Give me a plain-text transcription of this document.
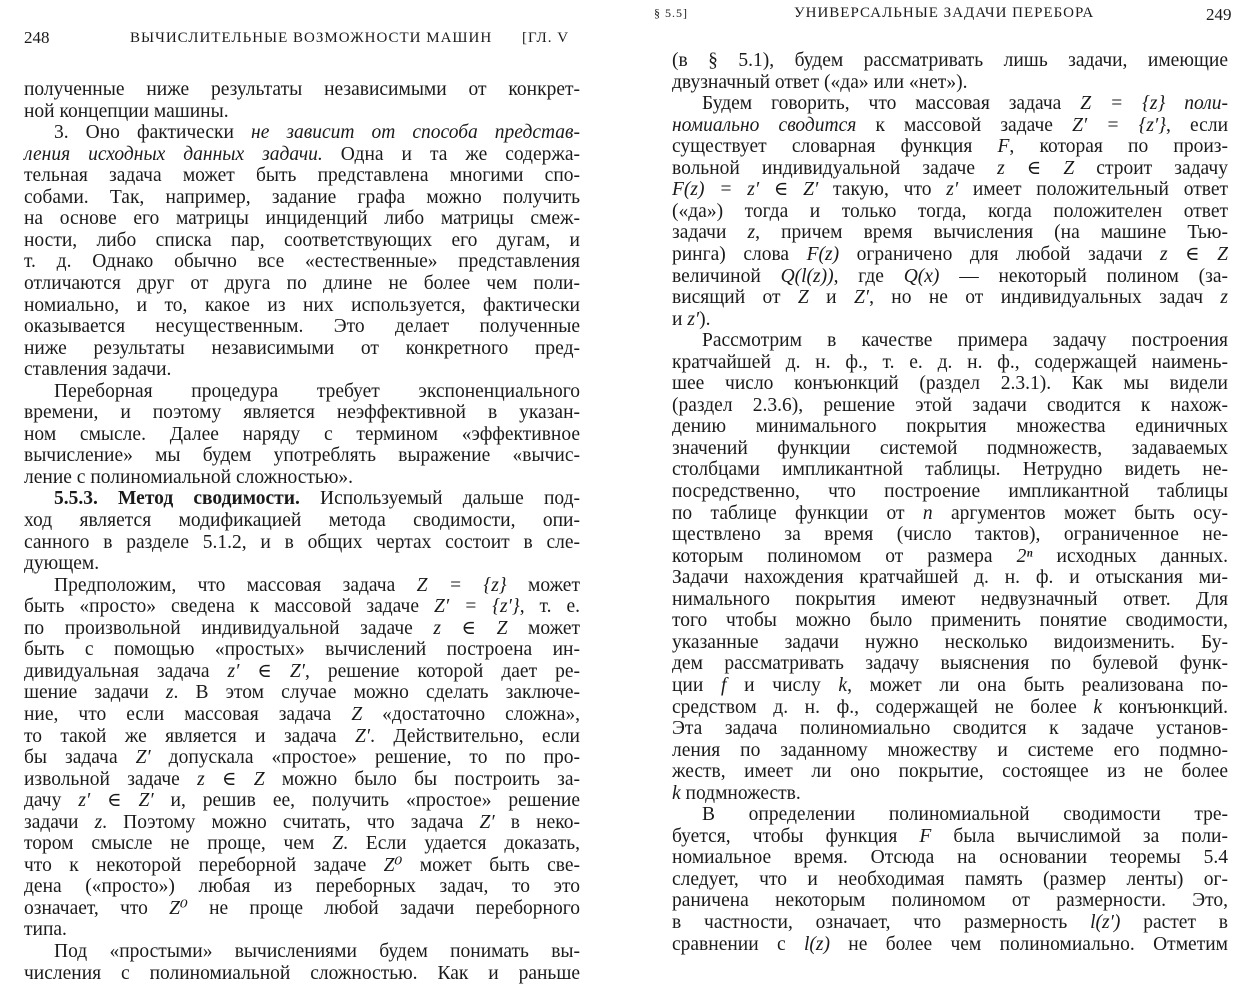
248	ВЫЧИСЛИТЕЛЬНЫЕ ВОЗМОЖНОСТИ МАШИН [ГЛ. V
полученные ниже результаты независимыми от конкрет-
ной концепции машины.
3. Оно фактически не зависит от способа представ-
ления исходных данных задачи. Одна и та же содержа-
тельная задача может быть представлена многими спо-
собами. Так, например, задание графа можно получить
на основе его матрицы инциденций либо матрицы смеж-
ности, либо списка пар, соответствующих его дугам, и
т. д. Однако обычно все «естественные» представления
отличаются друг от друга по длине не более чем поли-
номиально, и то, какое из них используется, фактически
оказывается несущественным. Это делает полученные
ниже результаты независимыми от конкретного пред-
ставления задачи.
Переборная процедура требует экспоненциального
времени, и поэтому является неэффективной в указан-
ном смысле. Далее наряду с термином «эффективное
вычисление» мы будем употреблять выражение «вычис-
ление с полиномиальной сложностью».
5.5.3. Метод сводимости. Используемый дальше под-
ход является модификацией метода сводимости, опи-
санного в разделе 5.1.2, и в общих чертах состоит в сле-
дующем.
Предположим, что массовая задача Z = {z} может
быть «просто» сведена к массовой задаче Z′ = {z′}, т. е.
по произвольной индивидуальной задаче z ∈ Z может
быть с помощью «простых» вычислений построена ин-
дивидуальная задача z′ ∈ Z′, решение которой дает ре-
шение задачи z. В этом случае можно сделать заключе-
ние, что если массовая задача Z «достаточно сложна»,
то такой же является и задача Z′. Действительно, если
бы задача Z′ допускала «простое» решение, то по про-
извольной задаче z ∈ Z можно было бы построить за-
дачу z′ ∈ Z′ и, решив ее, получить «простое» решение
задачи z. Поэтому можно считать, что задача Z′ в неко-
тором смысле не проще, чем Z. Если удается доказать,
что к некоторой переборной задаче Z⁰ может быть све-
дена («просто») любая из переборных задач, то это
означает, что Z⁰ не проще любой задачи переборного
типа.
Под «простыми» вычислениями будем понимать вы-
числения с полиномиальной сложностью. Как и раньше
§ 5.5]	УНИВЕРСАЛЬНЫЕ ЗАДАЧИ ПЕРЕБОРА	249
(в § 5.1), будем рассматривать лишь задачи, имеющие
двузначный ответ («да» или «нет»).
Будем говорить, что массовая задача Z = {z} поли-
номиально сводится к массовой задаче Z′ = {z′}, если
существует словарная функция F, которая по произ-
вольной индивидуальной задаче z ∈ Z строит задачу
F(z) = z′ ∈ Z′ такую, что z′ имеет положительный ответ
(«да») тогда и только тогда, когда положителен ответ
задачи z, причем время вычисления (на машине Тью-
ринга) слова F(z) ограничено для любой задачи z ∈ Z
величиной Q(l(z)), где Q(x) — некоторый полином (за-
висящий от Z и Z′, но не от индивидуальных задач z
и z′).
Рассмотрим в качестве примера задачу построения
кратчайшей д. н. ф., т. е. д. н. ф., содержащей наимень-
шее число конъюнкций (раздел 2.3.1). Как мы видели
(раздел 2.3.6), решение этой задачи сводится к нахож-
дению минимального покрытия множества единичных
значений функции системой подмножеств, задаваемых
столбцами импликантной таблицы. Нетрудно видеть не-
посредственно, что построение импликантной таблицы
по таблице функции от n аргументов может быть осу-
ществлено за время (число тактов), ограниченное не-
которым полиномом от размера 2ⁿ исходных данных.
Задачи нахождения кратчайшей д. н. ф. и отыскания ми-
нимального покрытия имеют недвузначный ответ. Для
того чтобы можно было применить понятие сводимости,
указанные задачи нужно несколько видоизменить. Бу-
дем рассматривать задачу выяснения по булевой функ-
ции f и числу k, может ли она быть реализована по-
средством д. н. ф., содержащей не более k конъюнкций.
Эта задача полиномиально сводится к задаче установ-
ления по заданному множеству и системе его подмно-
жеств, имеет ли оно покрытие, состоящее из не более
k подмножеств.
В определении полиномиальной сводимости тре-
буется, чтобы функция F была вычислимой за поли-
номиальное время. Отсюда на основании теоремы 5.4
следует, что и необходимая память (размер ленты) ог-
раничена некоторым полиномом от размерности. Это,
в частности, означает, что размерность l(z′) растет в
сравнении с l(z) не более чем полиномиально. Отметим
